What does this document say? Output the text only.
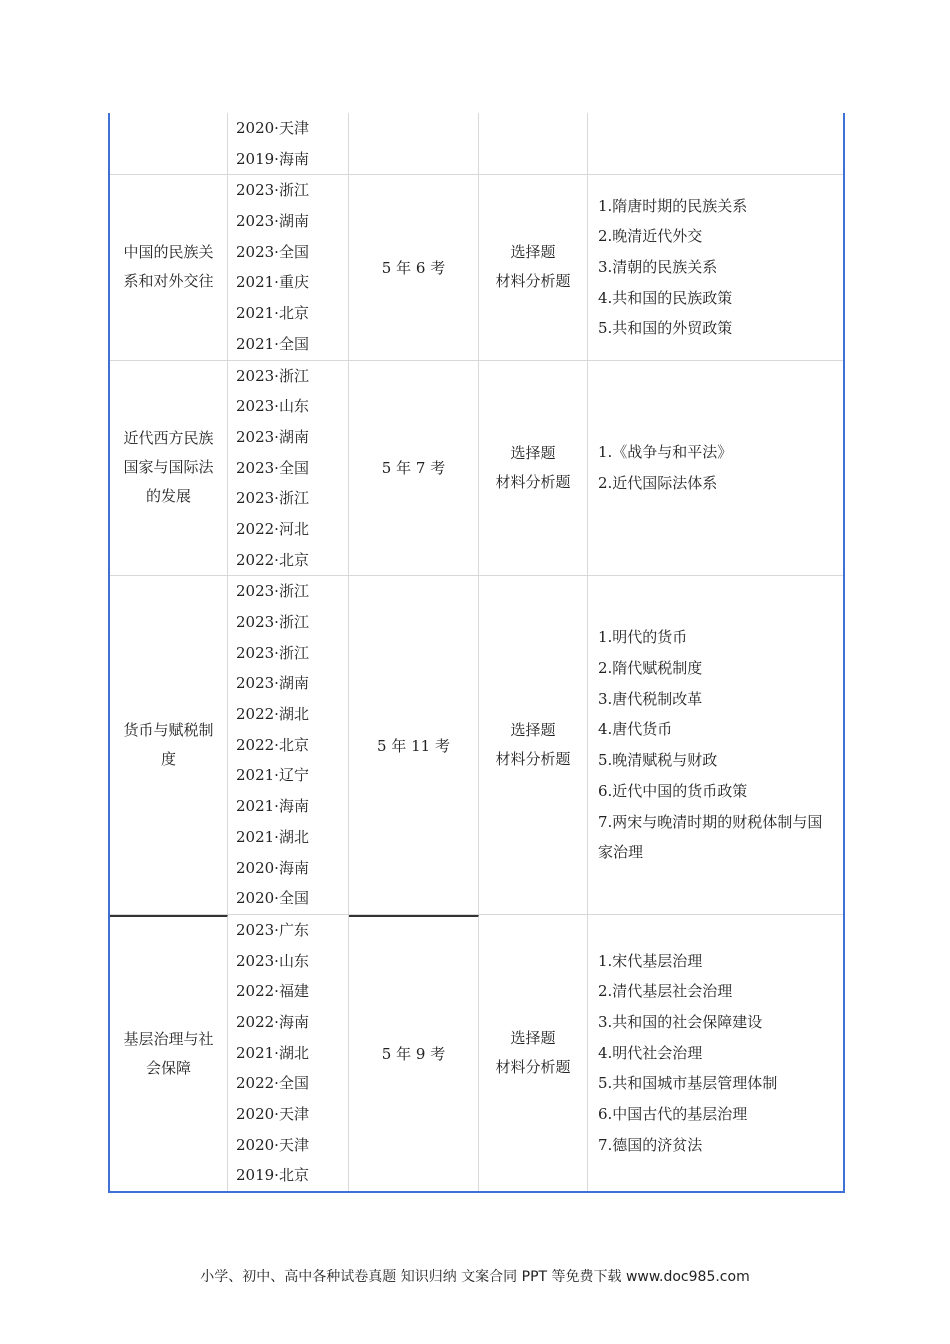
2020·天津
2019·海南
中国的民族关系和对外交往
2023·浙江
2023·湖南
2023·全国
2021·重庆
2021·北京
2021·全国
5 年 6 考
选择题
材料分析题
1.隋唐时期的民族关系
2.晚清近代外交
3.清朝的民族关系
4.共和国的民族政策
5.共和国的外贸政策
近代西方民族国家与国际法的发展
2023·浙江
2023·山东
2023·湖南
2023·全国
2023·浙江
2022·河北
2022·北京
5 年 7 考
选择题
材料分析题
1.《战争与和平法》
2.近代国际法体系
货币与赋税制度
2023·浙江
2023·浙江
2023·浙江
2023·湖南
2022·湖北
2022·北京
2021·辽宁
2021·海南
2021·湖北
2020·海南
2020·全国
5 年 11 考
选择题
材料分析题
1.明代的货币
2.隋代赋税制度
3.唐代税制改革
4.唐代货币
5.晚清赋税与财政
6.近代中国的货币政策
7.两宋与晚清时期的财税体制与国家治理
基层治理与社会保障
2023·广东
2023·山东
2022·福建
2022·海南
2021·湖北
2022·全国
2020·天津
2020·天津
2019·北京
5 年 9 考
选择题
材料分析题
1.宋代基层治理
2.清代基层社会治理
3.共和国的社会保障建设
4.明代社会治理
5.共和国城市基层管理体制
6.中国古代的基层治理
7.德国的济贫法
小学、初中、高中各种试卷真题 知识归纳 文案合同 PPT 等免费下载 www.doc985.com
